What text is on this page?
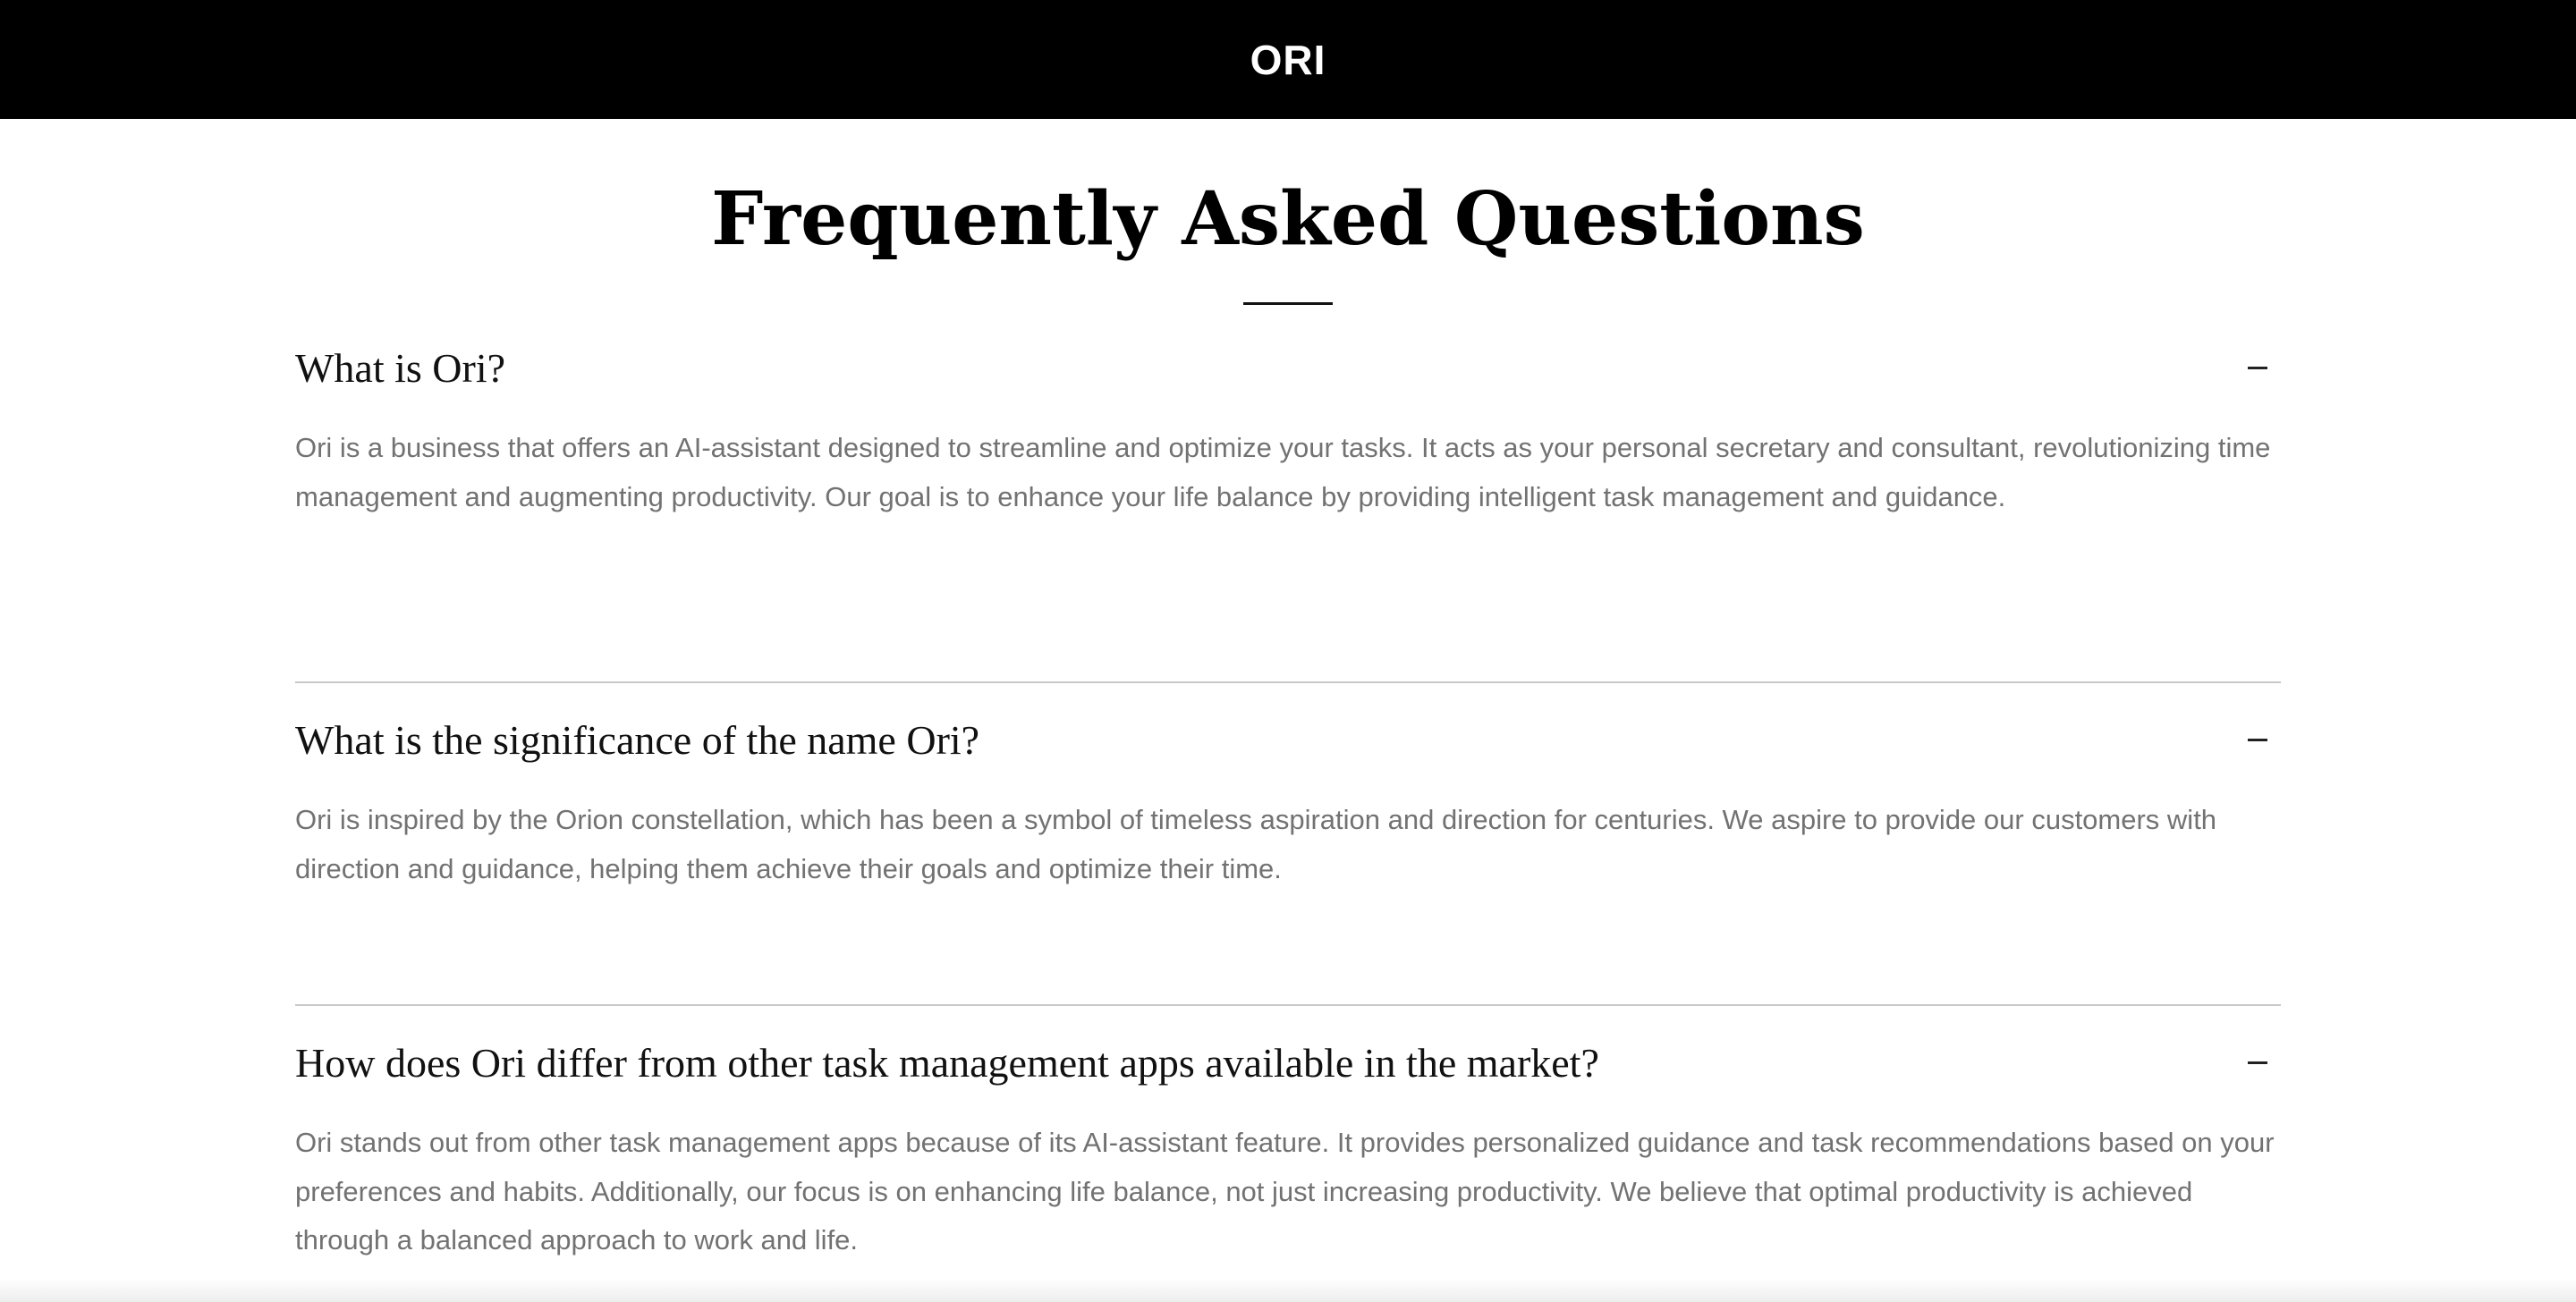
ORI
Frequently Asked Questions
What is Ori?
Ori is a business that offers an AI-assistant designed to streamline and optimize your tasks. It acts as your personal secretary and consultant, revolutionizing time management and augmenting productivity. Our goal is to enhance your life balance by providing intelligent task management and guidance.
What is the significance of the name Ori?
Ori is inspired by the Orion constellation, which has been a symbol of timeless aspiration and direction for centuries. We aspire to provide our customers with direction and guidance, helping them achieve their goals and optimize their time.
How does Ori differ from other task management apps available in the market?
Ori stands out from other task management apps because of its AI-assistant feature. It provides personalized guidance and task recommendations based on your preferences and habits. Additionally, our focus is on enhancing life balance, not just increasing productivity. We believe that optimal productivity is achieved through a balanced approach to work and life.
